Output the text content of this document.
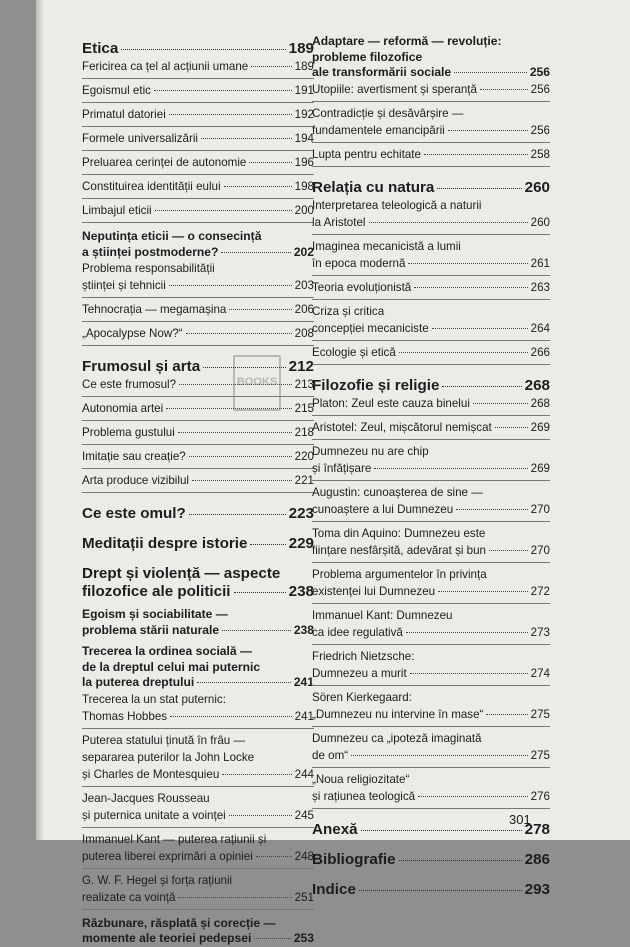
BOOKS
Etica	189
Fericirea ca țel al acțiunii umane	189
Egoismul etic	191
Primatul datoriei	192
Formele universalizării	194
Preluarea cerinței de autonomie	196
Constituirea identității eului	198
Limbajul eticii	200
Neputința eticii — o consecință
a științei postmoderne?	202
Problema responsabilității
științei și tehnicii	203
Tehnocrația — megamașina	206
„Apocalypse Now?“	208
Frumosul și arta	212
Ce este frumosul?	213
Autonomia artei	215
Problema gustului	218
Imitație sau creație?	220
Arta produce vizibilul	221
Ce este omul?	223
Meditații despre istorie	229
Drept și violență — aspecte
filozofice ale politicii	238
Egoism și sociabilitate —
problema stării naturale	238
Trecerea la ordinea socială —
de la dreptul celui mai puternic
la puterea dreptului	241
Trecerea la un stat puternic:
Thomas Hobbes	241
Puterea statului ținută în frâu —
separarea puterilor la John Locke
și Charles de Montesquieu	244
Jean-Jacques Rousseau
și puternica unitate a voinței	245
Immanuel Kant — puterea rațiunii și
puterea liberei exprimări a opiniei	248
G. W. F. Hegel și forța rațiunii
realizate ca voință	251
Răzbunare, răsplată și corecție —
momente ale teoriei pedepsei	253
Adaptare — reformă — revoluție:
probleme filozofice
ale transformării sociale	256
Utopiile: avertisment și speranță	256
Contradicție și desăvârșire —
fundamentele emancipării	256
Lupta pentru echitate	258
Relația cu natura	260
Interpretarea teleologică a naturii
la Aristotel	260
Imaginea mecanicistă a lumii
în epoca modernă	261
Teoria evoluționistă	263
Criza și critica
concepției mecaniciste	264
Ecologie și etică	266
Filozofie și religie	268
Platon: Zeul este cauza binelui	268
Aristotel: Zeul, mișcătorul nemișcat	269
Dumnezeu nu are chip
și înfățișare	269
Augustin: cunoașterea de sine —
cunoaștere a lui Dumnezeu	270
Toma din Aquino: Dumnezeu este
ființare nesfârșită, adevărat și bun	270
Problema argumentelor în privința
existenței lui Dumnezeu	272
Immanuel Kant: Dumnezeu
ca idee regulativă	273
Friedrich Nietzsche:
Dumnezeu a murit	274
Sören Kierkegaard:
„Dumnezeu nu intervine în mase“	275
Dumnezeu ca „ipoteză imaginată
de om“	275
„Noua religiozitate“
și rațiunea teologică	276
Anexă	278
Bibliografie	286
Indice	293
301
